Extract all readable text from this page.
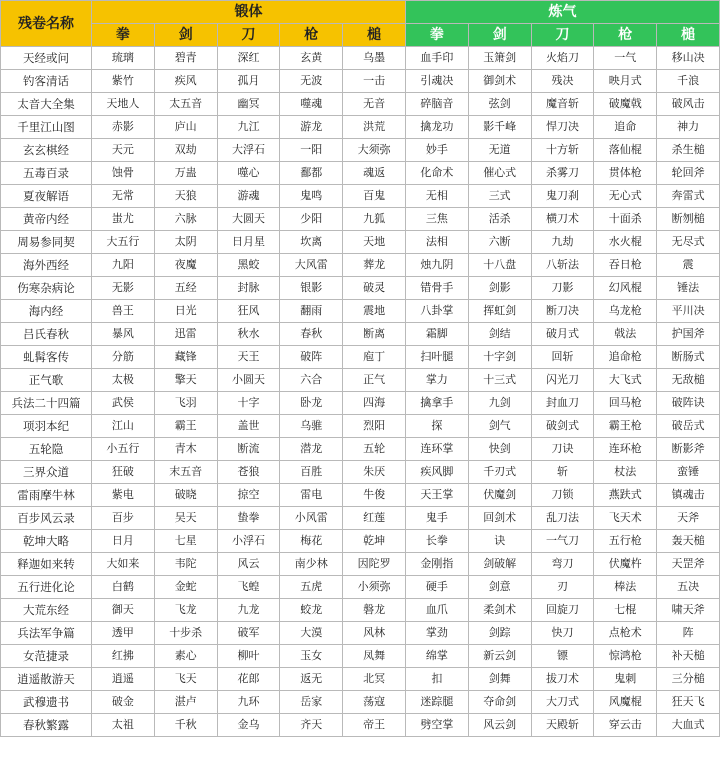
残卷名称	锻体					炼气				
	拳	剑	刀	枪	槌	拳	剑	刀	枪	槌
天经或问	琉璃	碧青	深红	玄黄	乌墨	血手印	玉箫剑	火焰刀	一气	移山决
钓客清话	紫竹	疾风	孤月	无波	一击	引魂决	御剑术	残决	映月式	千浪
太音大全集	天地人	太五音	幽冥	噬魂	无音	碎脑音	弦剑	魔音斩	破魔戟	破风击
千里江山图	赤影	庐山	九江	游龙	洪荒	擒龙功	影千峰	悍刀决	追命	神力
玄玄棋经	天元	双劫	大浮石	一阳	大须弥	妙手	无道	十方斩	落仙棍	杀生槌
五毒百录	蚀骨	万蛊	噬心	鄱都	魂返	化命术	催心式	杀雾刀	贯体枪	轮回斧
夏夜解语	无常	天狼	游魂	鬼鸣	百鬼	无相	三式	鬼刀刹	无心式	奔雷式
黄帝内经	蚩尤	六脉	大圆天	少阳	九狐	三焦	活杀	横刀术	十面杀	断刎槌
周易参同契	大五行	太阴	日月星	坎离	天地	法相	六断	九劫	水火棍	无尽式
海外西经	九阳	夜魔	黑蛟	大风雷	葬龙	烛九阴	十八盘	八斩法	吞日枪	震
伤寒杂病论	无影	五经	封脉	银影	破灵	错骨手	剑影	刀影	幻风棍	锤法
海内经	兽王	日光	狂风	翻雨	震地	八卦掌	挥虹剑	断刀决	乌龙枪	平川决
吕氏春秋	暴风	迅雷	秋水	春秋	断离	霜脚	剑结	破月式	戟法	护国斧
虬髯客传	分筋	藏锋	天王	破阵	庖丁	扫叶腿	十字剑	回斩	追命枪	断肠式
正气歌	太极	擎天	小圆天	六合	正气	掌力	十三式	闪光刀	大飞式	无敌槌
兵法二十四篇	武侯	飞羽	十字	卧龙	四海	擒拿手	九剑	封血刀	回马枪	破阵诀
项羽本纪	江山	霸王	盖世	乌骓	烈阳	探	剑气	破剑式	霸王枪	破岳式
五轮隐	小五行	青木	断流	潜龙	五轮	连环掌	快剑	刀诀	连环枪	断影斧
三界众道	狂破	末五音	苍狼	百胜	朱厌	疾风脚	千刃式	斩	杖法	蛮锤
雷雨摩牛林	紫电	破晓	掠空	雷电	牛俊	天王掌	伏魔剑	刀锁	燕趺式	镇魂击
百步风云录	百步	吴天	蛰拳	小风雷	红莲	鬼手	回剑术	乱刀法	飞天术	天斧
乾坤大略	日月	七星	小浮石	梅花	乾坤	长拳	诀	一气刀	五行枪	轰天槌
释迦如来转	大如来	韦陀	风云	南少林	因陀罗	金刚指	剑破解	弯刀	伏魔杵	天罡斧
五行进化论	白鹤	金蛇	飞蝗	五虎	小须弥	硬手	剑意	刃	棒法	五决
大荒东经	御天	飞龙	九龙	蛟龙	磐龙	血爪	柔剑术	回旋刀	七棍	啸天斧
兵法军争篇	透甲	十步杀	破军	大漠	风林	掌劲	剑踪	快刀	点枪术	阵
女范捷录	红拂	素心	柳叶	玉女	凤舞	绵掌	新云剑	镖	惊鸿枪	补天槌
逍遥散游天	逍遥	飞天	花郎	返无	北冥	扣	剑舞	拔刀术	鬼刺	三分槌
武穆遗书	破金	湛卢	九环	岳家	荡寇	迷踪腿	夺命剑	大刀式	风魔棍	狂天飞
春秋繁露	太祖	千秋	金乌	齐天	帝王	劈空掌	风云剑	天殿斩	穿云击	大血式
